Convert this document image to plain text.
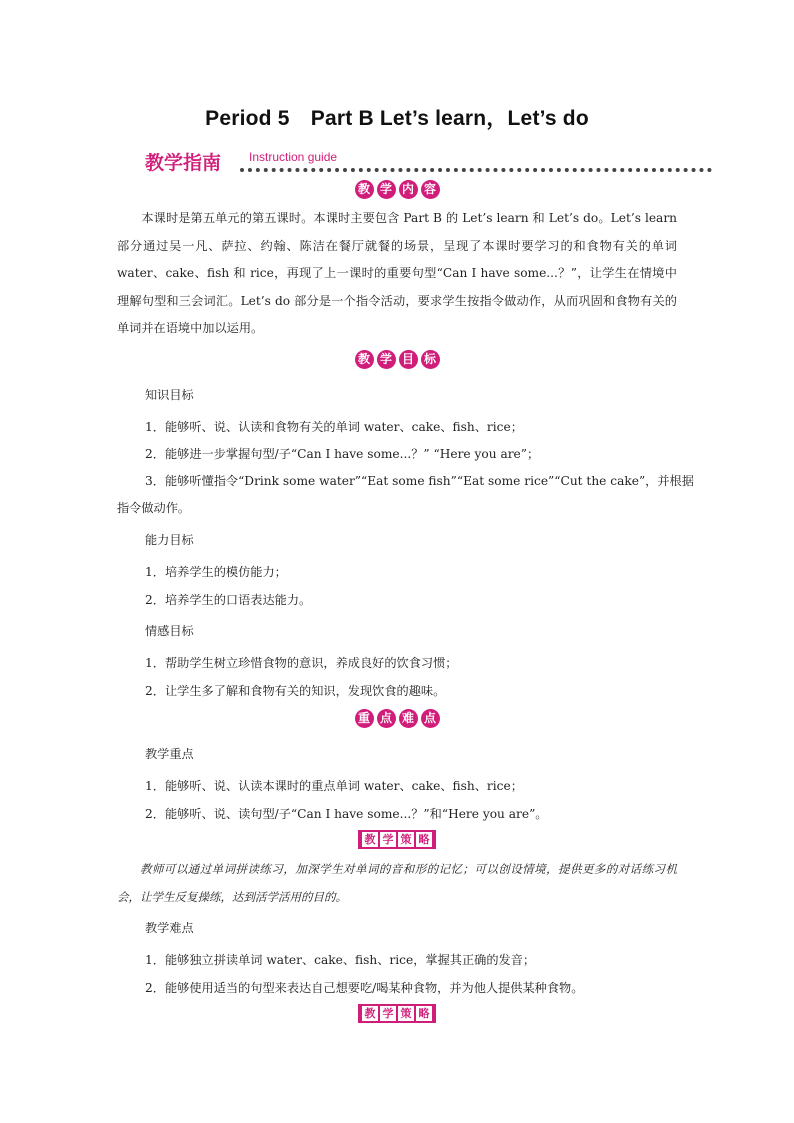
Period 5　Part B Let’s learn，Let’s do
教学指南 Instruction guide
教 学 内 容
本课时是第五单元的第五课时。本课时主要包含 Part B 的 Let’s learn 和 Let’s do。Let’s learn 部分通过吴一凡、萨拉、约翰、陈洁在餐厅就餐的场景，呈现了本课时要学习的和食物有关的单词 water、cake、fish 和 rice，再现了上一课时的重要句型“Can I have some...？”，让学生在情境中理解句型和三会词汇。Let’s do 部分是一个指令活动，要求学生按指令做动作，从而巩固和食物有关的单词并在语境中加以运用。
教 学 目 标
知识目标
1．能够听、说、认读和食物有关的单词 water、cake、fish、rice；
2．能够进一步掌握句型/子“Can I have some...？” “Here you are”；
3．能够听懂指令“Drink some water”“Eat some fish”“Eat some rice”“Cut the cake”，并根据
指令做动作。
能力目标
1．培养学生的模仿能力；
2．培养学生的口语表达能力。
情感目标
1．帮助学生树立珍惜食物的意识，养成良好的饮食习惯；
2．让学生多了解和食物有关的知识，发现饮食的趣味。
重 点 难 点
教学重点
1．能够听、说、认读本课时的重点单词 water、cake、fish、rice；
2．能够听、说、读句型/子“Can I have some...？”和“Here you are”。
教 学 策 略
教师可以通过单词拼读练习，加深学生对单词的音和形的记忆；可以创设情境，提供更多的对话练习机会，让学生反复操练，达到活学活用的目的。
教学难点
1．能够独立拼读单词 water、cake、fish、rice，掌握其正确的发音；
2．能够使用适当的句型来表达自己想要吃/喝某种食物，并为他人提供某种食物。
教 学 策 略
